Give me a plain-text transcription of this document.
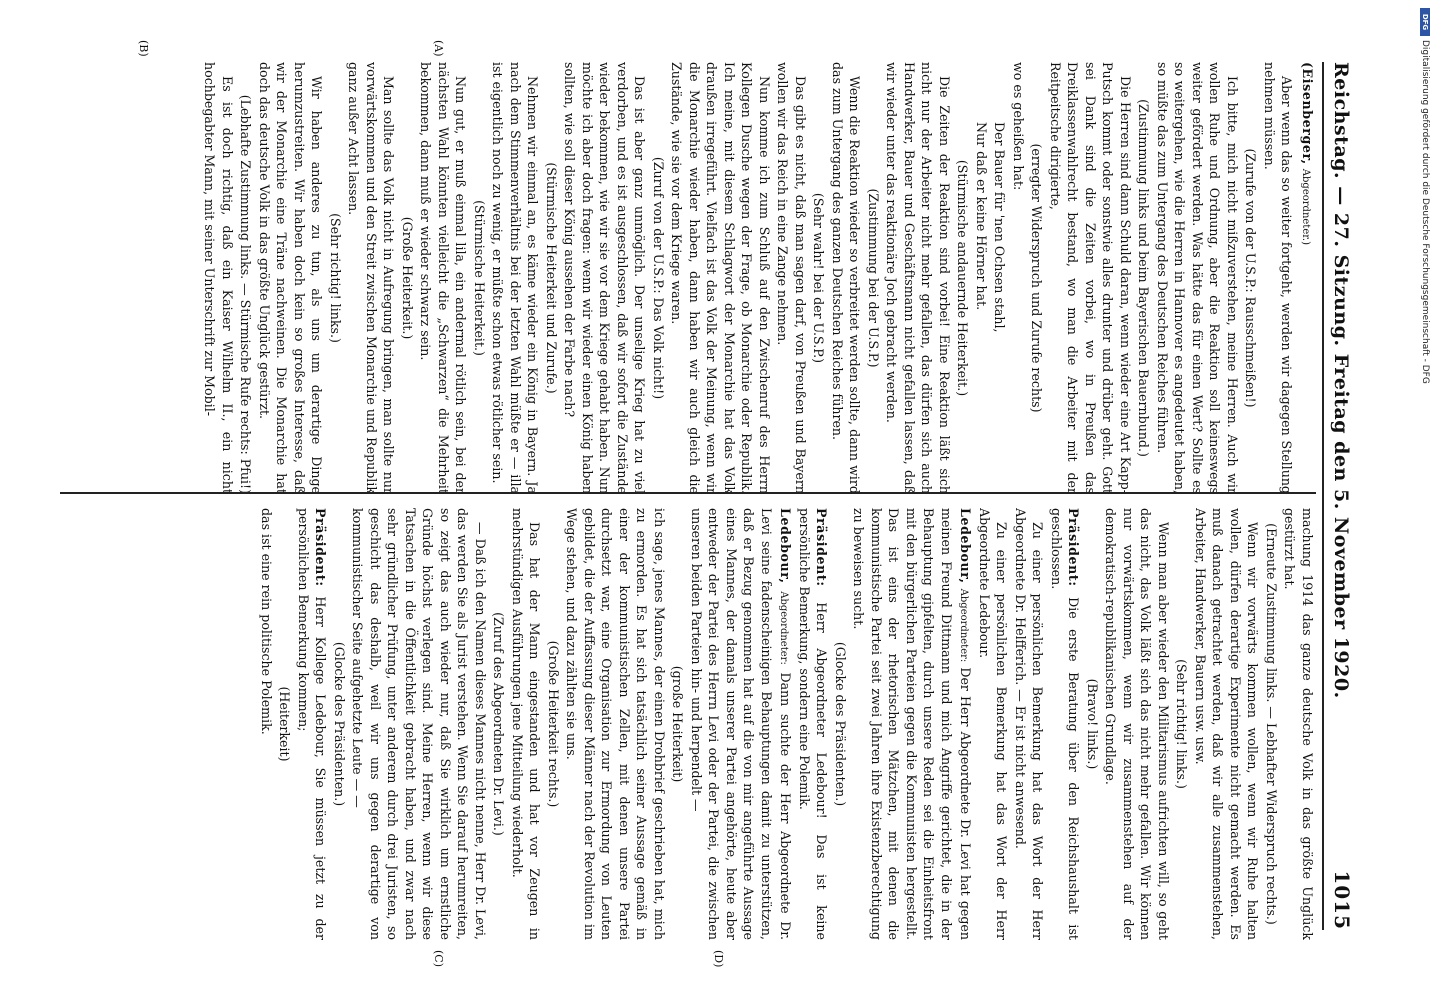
Reichstag. — 27. Sitzung. Freitag den 5. November 1920.
1015

(Eisenberger, Abgeordneter.)

Aber wenn das so weiter fortgeht, werden wir dagegen Stellung nehmen müssen.

(Zurufe von der U.S.P.: Rausschmeißen!)

Ich bitte, mich nicht mißzuverstehen, meine Herren. Auch wir wollen Ruhe und Ordnung, aber die Reaktion soll keineswegs weiter gefördert werden. Was hätte das für einen Wert? Sollte es so weitergehen, wie die Herren in Hannover es angedeutet haben, so müßte das zum Untergang des Deutschen Reiches führen.

(Zustimmung links und beim Bayerischen Bauernbund.)

Die Herren sind dann Schuld daran, wenn wieder eine Art Kapp-Putsch kommt oder sonstwie alles drunter und drüber geht. Gott sei Dank sind die Zeiten vorbei, wo in Preußen das Dreiklassenwahlrecht bestand, wo man die Arbeiter mit der Reitpeitsche dirigierte,

(erregter Widerspruch und Zurufe rechts)

wo es geheißen hat:

Der Bauer für 'nen Ochsen stahl,

Nur daß er keine Hörner hat.

(Stürmische andauernde Heiterkeit.)

Die Zeiten der Reaktion sind vorbei! Eine Reaktion läßt sich nicht nur der Arbeiter nicht mehr gefallen, das dürfen sich auch Handwerker, Bauer und Geschäftsmann nicht gefallen lassen, daß wir wieder unter das reaktionäre Joch gebracht werden.

(Zustimmung bei der U.S.P.)

Wenn die Reaktion wieder so verbreitet werden sollte, dann wird das zum Untergang des ganzen Deutschen Reiches führen.

(Sehr wahr! bei der U.S.P.)

Das gibt es nicht, daß man sagen darf, von Preußen und Bayern wollen wir das Reich in eine Zange nehmen.

Nun komme ich zum Schluß auf den Zwischenruf des Herrn Kollegen Dusche wegen der Frage, ob Monarchie oder Republik. Ich meine, mit diesem Schlagwort der Monarchie hat das Volk draußen irregeführt. Vielfach ist das Volk der Meinung, wenn wir die Monarchie wieder haben, dann haben wir auch gleich die Zustände, wie sie vor dem Kriege waren.

(Zuruf von der U.S.P.: Das Volk nicht!)

Das ist aber ganz unmöglich. Der unselige Krieg hat zu viel verdorben, und es ist ausgeschlossen, daß wir sofort die Zustände wieder bekommen, wie wir sie vor dem Kriege gehabt haben. Nun möchte ich aber doch fragen: wenn wir wieder einen König haben sollten, wie soll dieser König aussehen der Farbe nach?

(Stürmische Heiterkeit und Zurufe.)

Nehmen wir einmal an, es käme wieder ein König in Bayern. Ja nach dem Stimmenverhältnis bei der letzten Wahl müßte er — illa ist eigentlich noch zu wenig, er müßte schon etwas rötlicher sein.

(Stürmische Heiterkeit.)

Nun gut, er muß einmal lila, ein andermal rötlich sein, bei der nächsten Wahl könnten vielleicht die „Schwarzen“ die Mehrheit bekommen, dann muß er wieder schwarz sein.

(Große Heiterkeit.)

Man sollte das Volk nicht in Aufregung bringen, man sollte nur vorwärtskommen und den Streit zwischen Monarchie und Republik ganz außer Acht lassen.

(Sehr richtig! links.)

Wir haben anderes zu tun, als uns um derartige Dinge herumzustreiten. Wir haben doch kein so großes Interesse, daß wir der Monarchie eine Träne nachweinen. Die Monarchie hat doch das deutsche Volk in das größte Unglück gestürzt.

(Lebhafte Zustimmung links. — Stürmische Rufe rechts: Pfui!)

Es ist doch richtig, daß ein Kaiser Wilhelm II., ein nicht hochbegabter Mann, mit seiner Unterschrift zur Mobil-

machung 1914 das ganze deutsche Volk in das größte Unglück gestürzt hat.

(Erneute Zustimmung links. — Lebhafter Widerspruch rechts.)

Wenn wir vorwärts kommen wollen, wenn wir Ruhe halten wollen, dürfen derartige Experimente nicht gemacht werden. Es muß danach getrachtet werden, daß wir alle zusammenstehen, Arbeiter, Handwerker, Bauern usw. usw.

(Sehr richtig! links.)

Wenn man aber wieder den Militarismus aufrichten will, so geht das nicht, das Volk läßt sich das nicht mehr gefallen. Wir können nur vorwärtskommen, wenn wir zusammenstehen auf der demokratisch-republikanischen Grundlage.

(Bravo! links.)

Präsident: Die erste Beratung über den Reichshaushalt ist geschlossen.

Zu einer persönlichen Bemerkung hat das Wort der Herr Abgeordnete Dr. Helfferich. — Er ist nicht anwesend.

Zu einer persönlichen Bemerkung hat das Wort der Herr Abgeordnete Ledebour.

Ledebour, Abgeordneter: Der Herr Abgeordnete Dr. Levi hat gegen meinen Freund Dittmann und mich Angriffe gerichtet, die in der Behauptung gipfelten, durch unsere Reden sei die Einheitsfront mit den bürgerlichen Parteien gegen die Kommunisten hergestellt. Das ist eins der rhetorischen Mätzchen, mit denen die kommunistische Partei seit zwei Jahren ihre Existenzberechtigung zu beweisen sucht.

(Glocke des Präsidenten.)

Präsident: Herr Abgeordneter Ledebour! Das ist keine persönliche Bemerkung, sondern eine Polemik.

Ledebour, Abgeordneter: Dann suchte der Herr Abgeordnete Dr. Levi seine fadenscheinigen Behauptungen damit zu unterstützen, daß er Bezug genommen hat auf die von mir angeführte Aussage eines Mannes, der damals unserer Partei angehörte, heute aber entweder der Partei des Herrn Levi oder der Partei, die zwischen unseren beiden Parteien hin- und herpendelt —

(große Heiterkeit)

ich sage, jenes Mannes, der einen Drohbrief geschrieben hat, mich zu ermorden. Es hat sich tatsächlich seiner Aussage gemäß in einer der kommunistischen Zellen, mit denen unsere Partei durchsetzt war, eine Organisation zur Ermordung von Leuten gebildet, die der Auffassung dieser Männer nach der Revolution im Wege stehen, und dazu zählten sie uns.

(Große Heiterkeit rechts.)

Das hat der Mann eingestanden und hat vor Zeugen in mehrstündigen Ausführungen jene Mitteilung wiederholt.

(Zuruf des Abgeordneten Dr. Levi.)

— Daß ich den Namen dieses Mannes nicht nenne, Herr Dr. Levi, das werden Sie als Jurist verstehen. Wenn Sie darauf herumreiten, so zeigt das auch wieder nur, daß Sie wirklich um ernstliche Gründe höchst verlegen sind. Meine Herren, wenn wir diese Tatsachen in die Öffentlichkeit gebracht haben, und zwar nach sehr gründlicher Prüfung, unter anderem durch drei Juristen, so geschicht das deshalb, weil wir uns gegen derartige von kommunistischer Seite aufgehetzte Leute — —

(Glocke des Präsidenten.)

Präsident: Herr Kollege Ledebour, Sie müssen jetzt zu der persönlichen Bemerkung kommen;

(Heiterkeit)

das ist eine rein politische Polemik.

(A)
(B)
(C)	(D)
DFG
Digitalisierung gefördert durch die Deutsche Forschungsgemeinschaft - DFG
